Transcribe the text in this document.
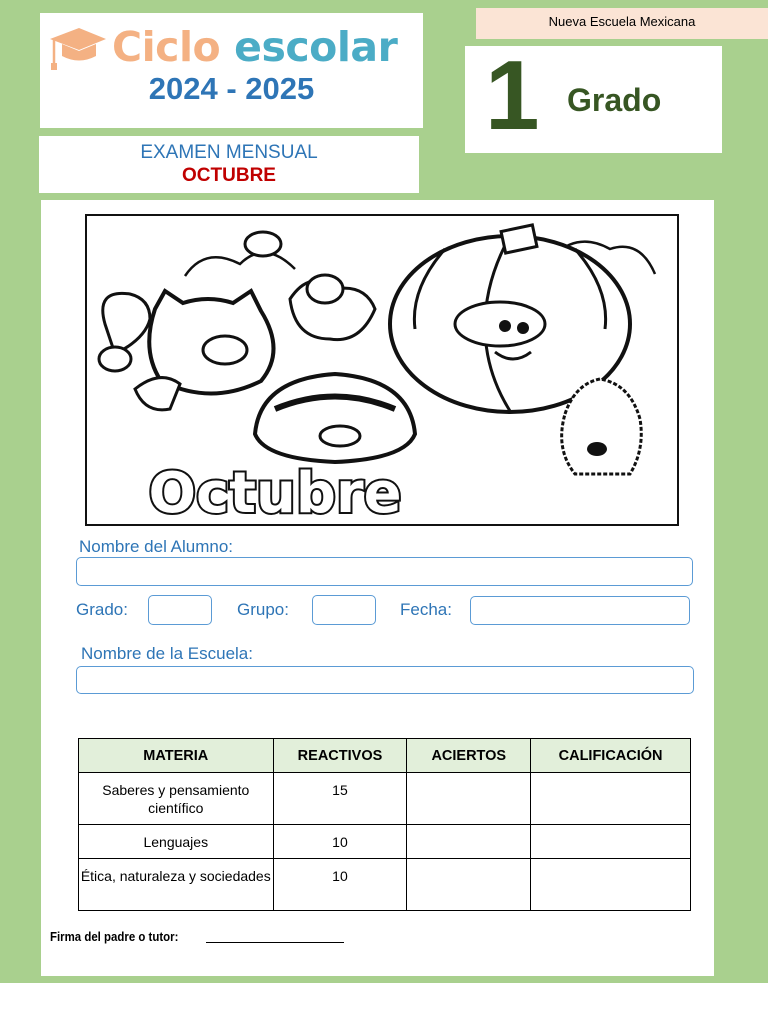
Ciclo escolar
2024 - 2025
EXAMEN MENSUAL
OCTUBRE
Nueva Escuela Mexicana
1 Grado
Octubre
Nombre del Alumno:
Grado:	Grupo:	Fecha:
Nombre de la Escuela:
MATERIA	REACTIVOS	ACIERTOS	CALIFICACIÓN
Saberes y pensamiento científico	15		
Lenguajes	10		
Ética, naturaleza y sociedades	10		
Firma del padre o tutor:
